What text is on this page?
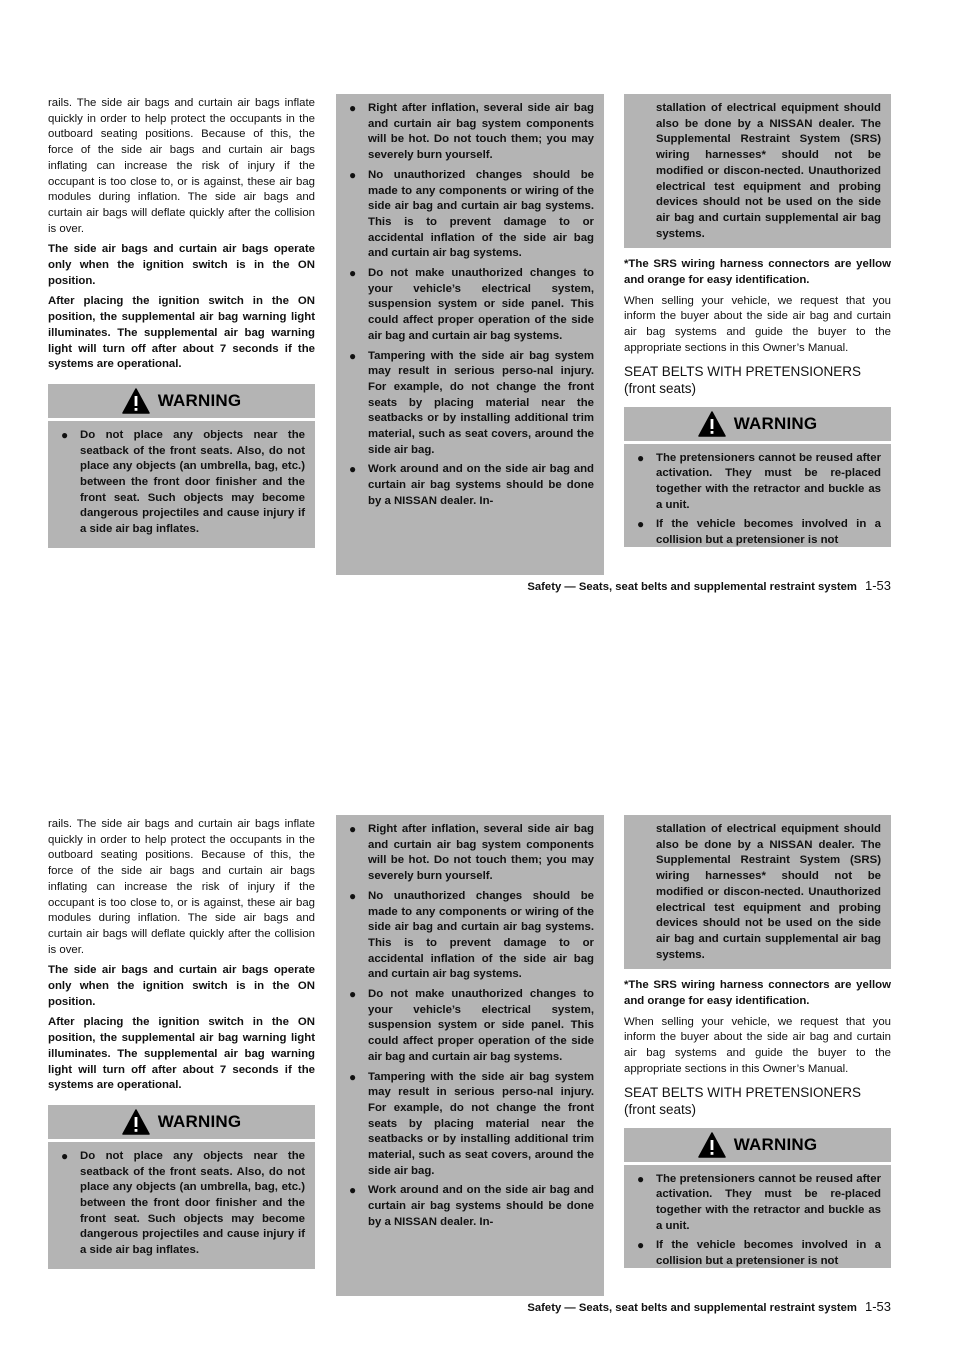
rails. The side air bags and curtain air bags inflate quickly in order to help protect the occupants in the outboard seating positions. Because of this, the force of the side air bags and curtain air bags inflating can increase the risk of injury if the occupant is too close to, or is against, these air bag modules during inflation. The side air bags and curtain air bags will deflate quickly after the collision is over.

The side air bags and curtain air bags operate only when the ignition switch is in the ON position.

After placing the ignition switch in the ON position, the supplemental air bag warning light illuminates. The supplemental air bag warning light will turn off after about 7 seconds if the systems are operational.

WARNING
● Do not place any objects near the seatback of the front seats. Also, do not place any objects (an umbrella, bag, etc.) between the front door finisher and the front seat. Such objects may become dangerous projectiles and cause injury if a side air bag inflates.
● Right after inflation, several side air bag and curtain air bag system components will be hot. Do not touch them; you may severely burn yourself.
● No unauthorized changes should be made to any components or wiring of the side air bag and curtain air bag systems. This is to prevent damage to or accidental inflation of the side air bag and curtain air bag systems.
● Do not make unauthorized changes to your vehicle’s electrical system, suspension system or side panel. This could affect proper operation of the side air bag and curtain air bag systems.
● Tampering with the side air bag system may result in serious perso-nal injury. For example, do not change the front seats by placing material near the seatbacks or by installing additional trim material, such as seat covers, around the side air bag.
● Work around and on the side air bag and curtain air bag systems should be done by a NISSAN dealer. In-
stallation of electrical equipment should also be done by a NISSAN dealer. The Supplemental Restraint System (SRS) wiring harnesses* should not be modified or discon-nected. Unauthorized electrical test equipment and probing devices should not be used on the side air bag and curtain supplemental air bag systems.

*The SRS wiring harness connectors are yellow and orange for easy identification.

When selling your vehicle, we request that you inform the buyer about the side air bag and curtain air bag systems and guide the buyer to the appropriate sections in this Owner’s Manual.

SEAT BELTS WITH PRETENSIONERS
(front seats)
WARNING
● The pretensioners cannot be reused after activation. They must be re-placed together with the retractor and buckle as a unit.
● If the vehicle becomes involved in a collision but a pretensioner is not
Safety — Seats, seat belts and supplemental restraint system 1-53

rails. The side air bags and curtain air bags inflate quickly in order to help protect the occupants in the outboard seating positions. Because of this, the force of the side air bags and curtain air bags inflating can increase the risk of injury if the occupant is too close to, or is against, these air bag modules during inflation. The side air bags and curtain air bags will deflate quickly after the collision is over.

The side air bags and curtain air bags operate only when the ignition switch is in the ON position.

After placing the ignition switch in the ON position, the supplemental air bag warning light illuminates. The supplemental air bag warning light will turn off after about 7 seconds if the systems are operational.

WARNING
● Do not place any objects near the seatback of the front seats. Also, do not place any objects (an umbrella, bag, etc.) between the front door finisher and the front seat. Such objects may become dangerous projectiles and cause injury if a side air bag inflates.
● Right after inflation, several side air bag and curtain air bag system components will be hot. Do not touch them; you may severely burn yourself.
● No unauthorized changes should be made to any components or wiring of the side air bag and curtain air bag systems. This is to prevent damage to or accidental inflation of the side air bag and curtain air bag systems.
● Do not make unauthorized changes to your vehicle’s electrical system, suspension system or side panel. This could affect proper operation of the side air bag and curtain air bag systems.
● Tampering with the side air bag system may result in serious perso-nal injury. For example, do not change the front seats by placing material near the seatbacks or by installing additional trim material, such as seat covers, around the side air bag.
● Work around and on the side air bag and curtain air bag systems should be done by a NISSAN dealer. In-
stallation of electrical equipment should also be done by a NISSAN dealer. The Supplemental Restraint System (SRS) wiring harnesses* should not be modified or discon-nected. Unauthorized electrical test equipment and probing devices should not be used on the side air bag and curtain supplemental air bag systems.

*The SRS wiring harness connectors are yellow and orange for easy identification.

When selling your vehicle, we request that you inform the buyer about the side air bag and curtain air bag systems and guide the buyer to the appropriate sections in this Owner’s Manual.

SEAT BELTS WITH PRETENSIONERS
(front seats)
WARNING
● The pretensioners cannot be reused after activation. They must be re-placed together with the retractor and buckle as a unit.
● If the vehicle becomes involved in a collision but a pretensioner is not
Safety — Seats, seat belts and supplemental restraint system 1-53
